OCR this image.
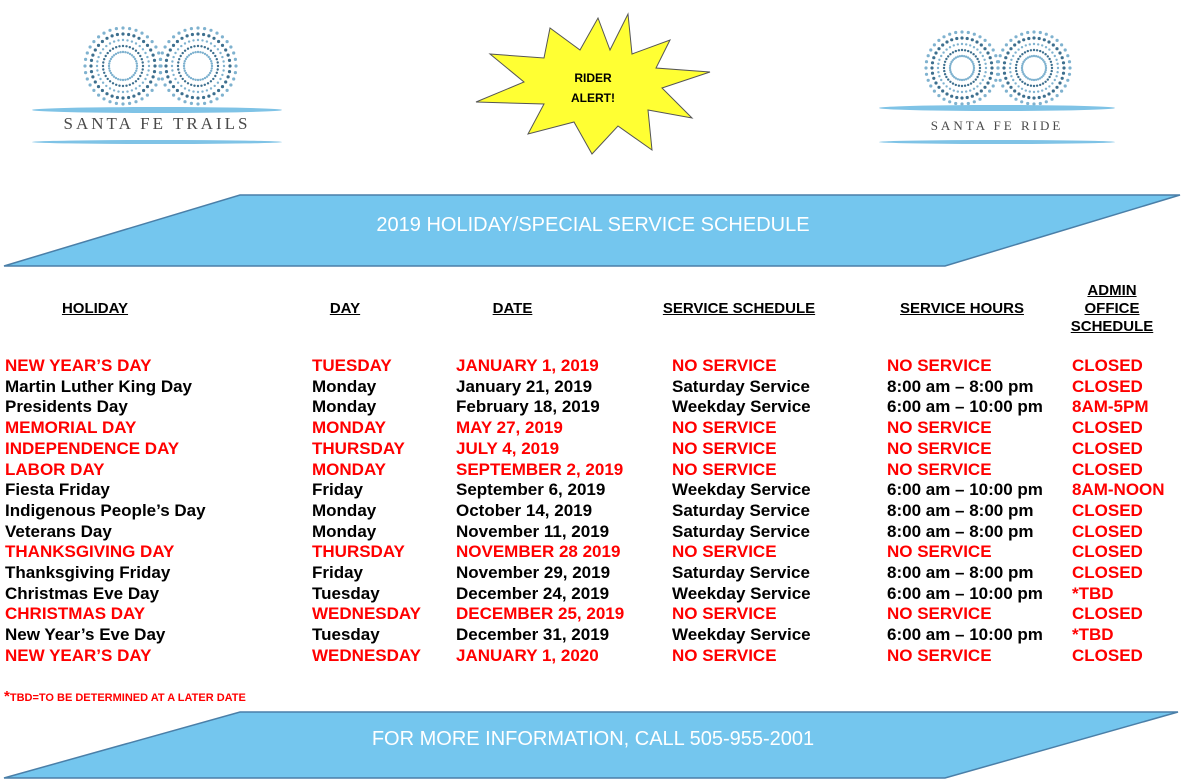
SANTA FE TRAILS
RIDER
ALERT!
SANTA FE RIDE
2019 HOLIDAY/SPECIAL SERVICE SCHEDULE
HOLIDAY	DAY	DATE	SERVICE SCHEDULE	SERVICE HOURS
ADMIN
OFFICE
SCHEDULE
NEW YEAR’S DAY	TUESDAY	JANUARY 1, 2019	NO SERVICE	NO SERVICE	CLOSED
Martin Luther King Day	Monday	January 21, 2019	Saturday Service	8:00 am – 8:00 pm CLOSED
Presidents Day	Monday	February 18, 2019	Weekday Service	6:00 am – 10:00 pm 8AM-5PM
MEMORIAL DAY	MONDAY	MAY 27, 2019	NO SERVICE	NO SERVICE	CLOSED
INDEPENDENCE DAY	THURSDAY	JULY 4, 2019	NO SERVICE	NO SERVICE	CLOSED
LABOR DAY	MONDAY	SEPTEMBER 2, 2019	NO SERVICE	NO SERVICE	CLOSED
Fiesta Friday	Friday	September 6, 2019	Weekday Service	6:00 am – 10:00 pm 8AM-NOON
Indigenous People’s Day	Monday	October 14, 2019	Saturday Service	8:00 am – 8:00 pm CLOSED
Veterans Day	Monday	November 11, 2019	Saturday Service	8:00 am – 8:00 pm CLOSED
THANKSGIVING DAY	THURSDAY	NOVEMBER 28 2019	NO SERVICE	NO SERVICE	CLOSED
Thanksgiving Friday	Friday	November 29, 2019	Saturday Service	8:00 am – 8:00 pm CLOSED
Christmas Eve Day	Tuesday	December 24, 2019	Weekday Service	6:00 am – 10:00 pm *TBD
CHRISTMAS DAY	WEDNESDAY DECEMBER 25, 2019	NO SERVICE	NO SERVICE	CLOSED
New Year’s Eve Day	Tuesday	December 31, 2019	Weekday Service	6:00 am – 10:00 pm *TBD
NEW YEAR’S DAY	WEDNESDAY JANUARY 1, 2020	NO SERVICE	NO SERVICE	CLOSED
*TBD=TO BE DETERMINED AT A LATER DATE
FOR MORE INFORMATION, CALL 505-955-2001
